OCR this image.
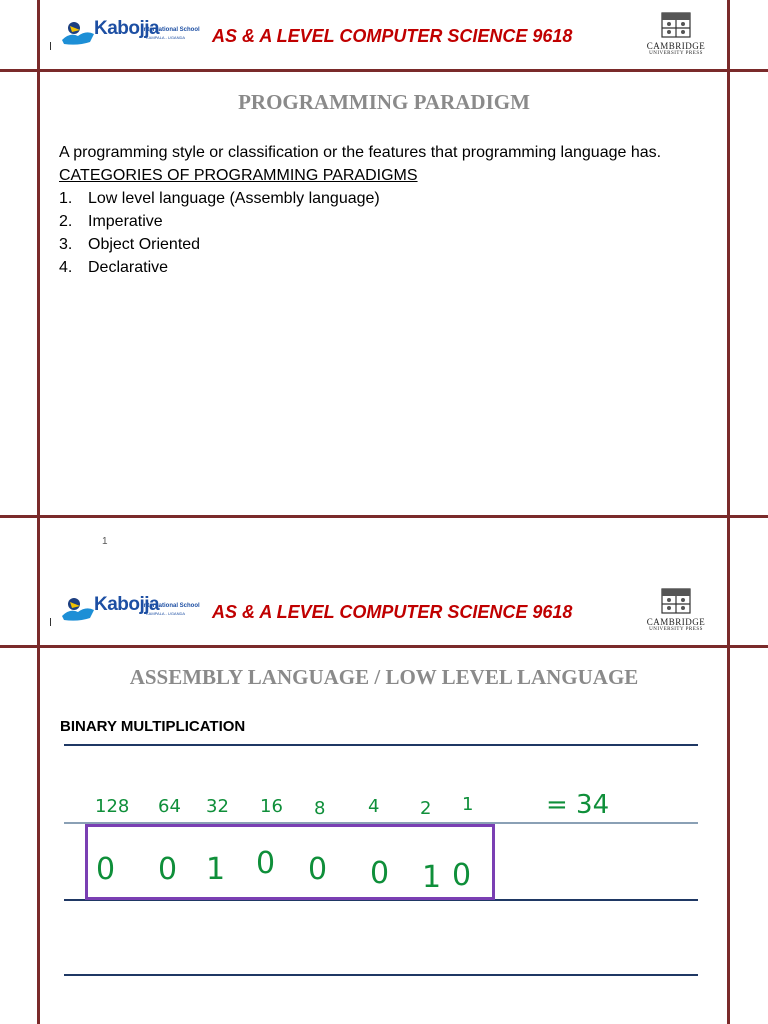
Kabojja
International School
KAMPALA - UGANDA AS & A LEVEL COMPUTER SCIENCE 9618	CAMBRIDGE
UNIVERSITY PRESS
PROGRAMMING PARADIGM
A programming style or classification or the features that programming language has.
CATEGORIES OF PROGRAMMING PARADIGMS
1. Low level language (Assembly language)
2. Imperative
3. Object Oriented
4. Declarative
1
Kabojja
International School
KAMPALA - UGANDA AS & A LEVEL COMPUTER SCIENCE 9618	CAMBRIDGE
UNIVERSITY PRESS
ASSEMBLY LANGUAGE / LOW LEVEL LANGUAGE
BINARY MULTIPLICATION
128 64 32 16 8 4 2 1	= 34
0 0 1 0 0 0 1 0
